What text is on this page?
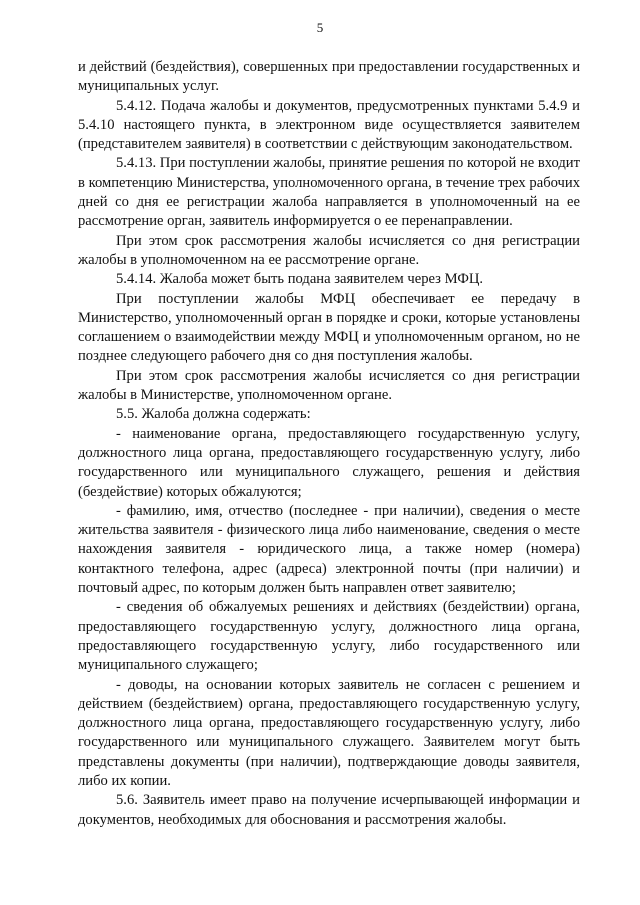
5

и действий (бездействия), совершенных при предоставлении государственных и муниципальных услуг.

5.4.12. Подача жалобы и документов, предусмотренных пунктами 5.4.9 и 5.4.10 настоящего пункта, в электронном виде осуществляется заявителем (представителем заявителя) в соответствии с действующим законодательством.

5.4.13. При поступлении жалобы, принятие решения по которой не входит в компетенцию Министерства, уполномоченного органа, в течение трех рабочих дней со дня ее регистрации жалоба направляется в уполномоченный на ее рассмотрение орган, заявитель информируется о ее перенаправлении.

При этом срок рассмотрения жалобы исчисляется со дня регистрации жалобы в уполномоченном на ее рассмотрение органе.

5.4.14. Жалоба может быть подана заявителем через МФЦ.

При поступлении жалобы МФЦ обеспечивает ее передачу в Министерство, уполномоченный орган в порядке и сроки, которые установлены соглашением о взаимодействии между МФЦ и уполномоченным органом, но не позднее следующего рабочего дня со дня поступления жалобы.

При этом срок рассмотрения жалобы исчисляется со дня регистрации жалобы в Министерстве, уполномоченном органе.

5.5. Жалоба должна содержать:

- наименование органа, предоставляющего государственную услугу, должностного лица органа, предоставляющего государственную услугу, либо государственного или муниципального служащего, решения и действия (бездействие) которых обжалуются;

- фамилию, имя, отчество (последнее - при наличии), сведения о месте жительства заявителя - физического лица либо наименование, сведения о месте нахождения заявителя - юридического лица, а также номер (номера) контактного телефона, адрес (адреса) электронной почты (при наличии) и почтовый адрес, по которым должен быть направлен ответ заявителю;

- сведения об обжалуемых решениях и действиях (бездействии) органа, предоставляющего государственную услугу, должностного лица органа, предоставляющего государственную услугу, либо государственного или муниципального служащего;

- доводы, на основании которых заявитель не согласен с решением и действием (бездействием) органа, предоставляющего государственную услугу, должностного лица органа, предоставляющего государственную услугу, либо государственного или муниципального служащего. Заявителем могут быть представлены документы (при наличии), подтверждающие доводы заявителя, либо их копии.

5.6. Заявитель имеет право на получение исчерпывающей информации и документов, необходимых для обоснования и рассмотрения жалобы.
